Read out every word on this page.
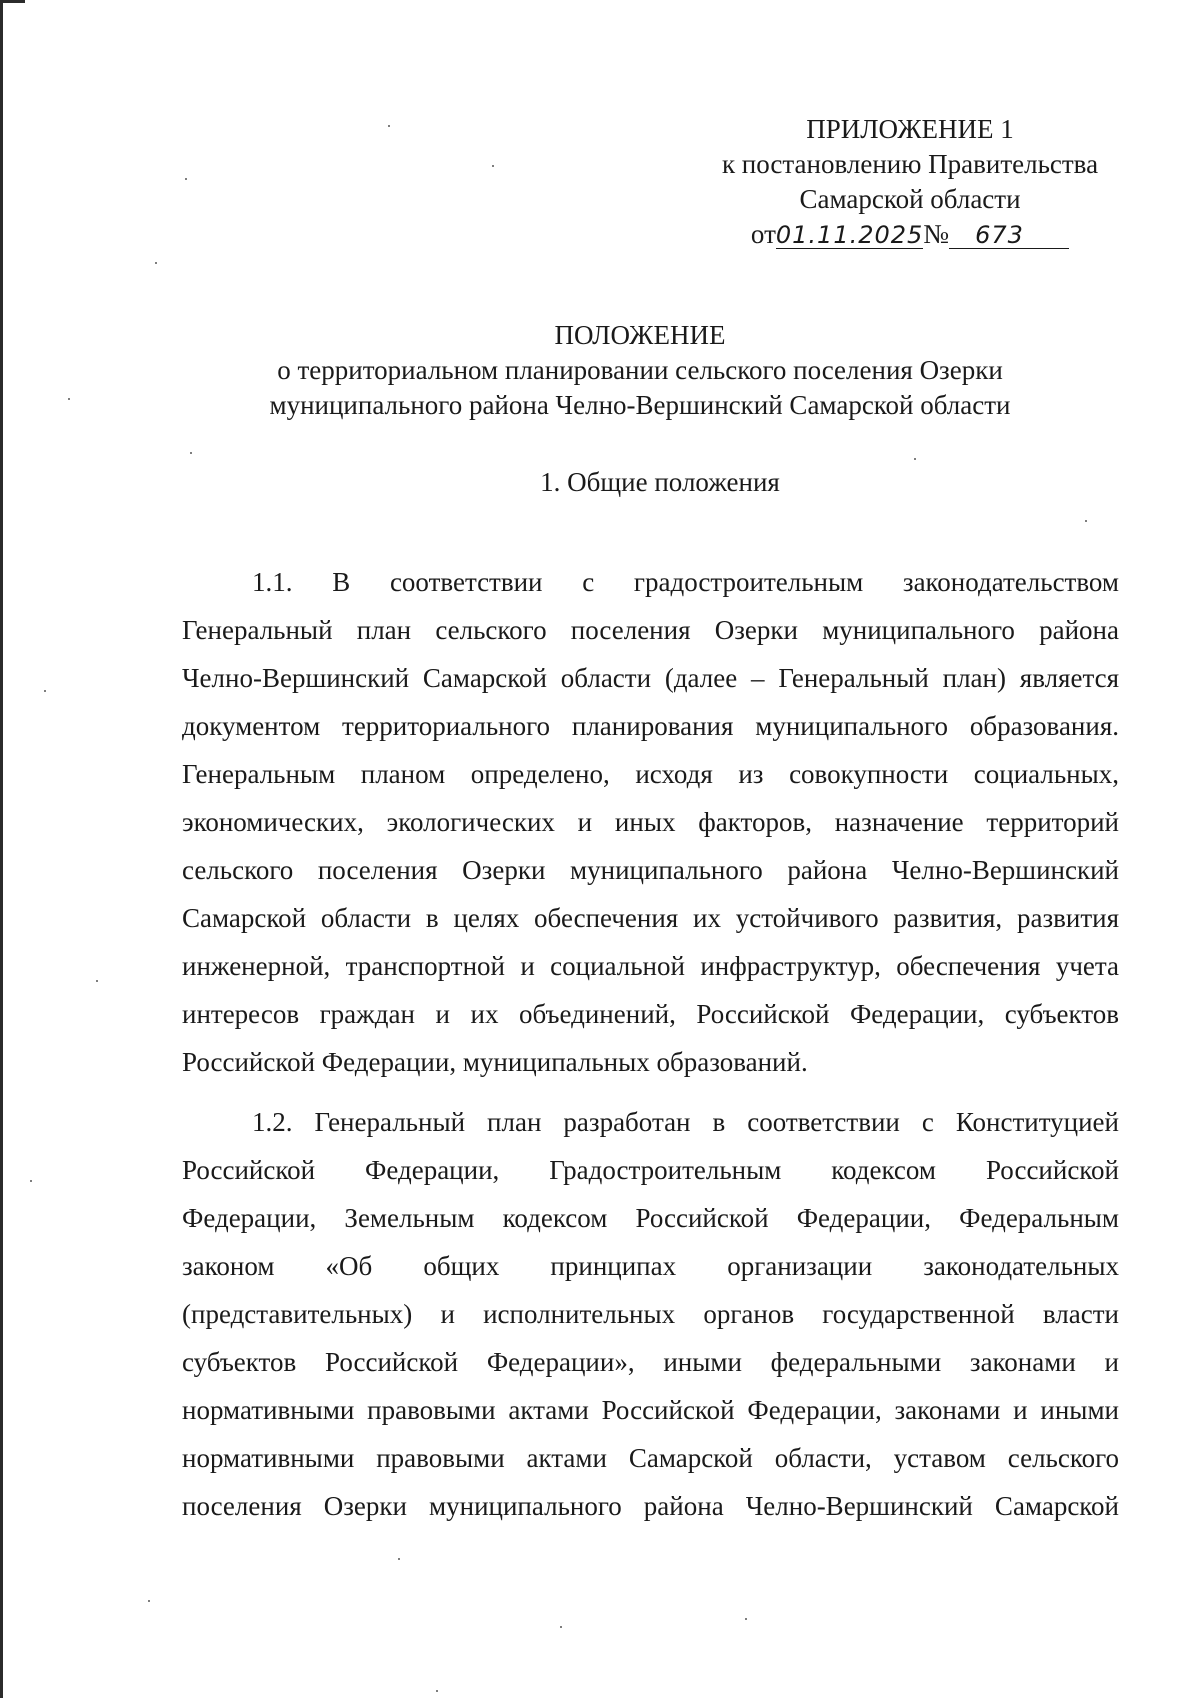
ПРИЛОЖЕНИЕ 1
к постановлению Правительства
Самарской области
от01.11.2025№ 673
ПОЛОЖЕНИЕ
о территориальном планировании сельского поселения Озерки
муниципального района Челно-Вершинский Самарской области
1. Общие положения
1.1. В соответствии с градостроительным законодательством
Генеральный план сельского поселения Озерки муниципального района
Челно-Вершинский Самарской области (далее – Генеральный план) является
документом территориального планирования муниципального образования.
Генеральным планом определено, исходя из совокупности социальных,
экономических, экологических и иных факторов, назначение территорий
сельского поселения Озерки муниципального района Челно-Вершинский
Самарской области в целях обеспечения их устойчивого развития, развития
инженерной, транспортной и социальной инфраструктур, обеспечения учета
интересов граждан и их объединений, Российской Федерации, субъектов
Российской Федерации, муниципальных образований.
1.2. Генеральный план разработан в соответствии с Конституцией
Российской Федерации, Градостроительным кодексом Российской
Федерации, Земельным кодексом Российской Федерации, Федеральным
законом «Об общих принципах организации законодательных
(представительных) и исполнительных органов государственной власти
субъектов Российской Федерации», иными федеральными законами и
нормативными правовыми актами Российской Федерации, законами и иными
нормативными правовыми актами Самарской области, уставом сельского
поселения Озерки муниципального района Челно-Вершинский Самарской
